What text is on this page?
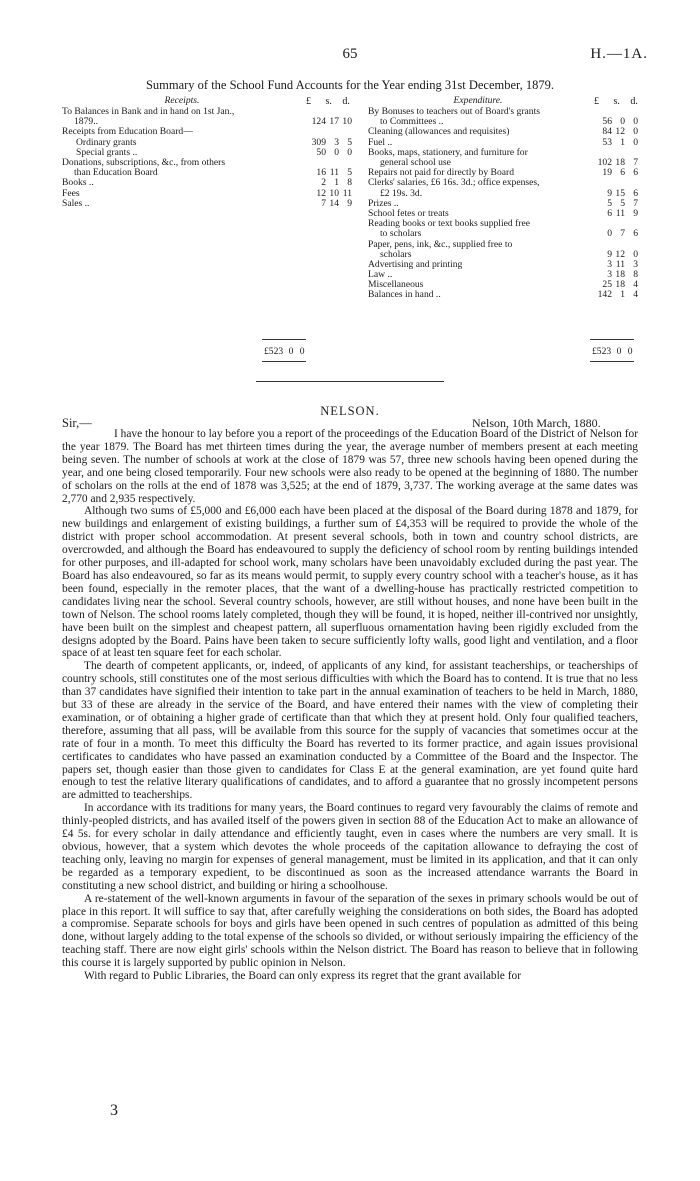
65	H.—1A.
Summary of the School Fund Accounts for the Year ending 31st December, 1879.
£ s. d.	£ s. d.
Receipts.
To Balances in Bank and in hand on 1st Jan.,
1879..	124 17 10
Receipts from Education Board—
Ordinary grants	309 3 5
Special grants ..	50 0 0
Donations, subscriptions, &c., from others
than Education Board	16 11 5
Books ..	2 1 8
Fees	12 10 11
Sales ..	7 14 9
Expenditure.
By Bonuses to teachers out of Board's grants
to Committees ..	56 0 0
Cleaning (allowances and requisites)	84 12 0
Fuel ..	53 1 0
Books, maps, stationery, and furniture for
general school use	102 18 7
Repairs not paid for directly by Board	19 6 6
Clerks' salaries, £6 16s. 3d.; office expenses,
£2 19s. 3d.	9 15 6
Prizes ..	5 5 7
School fetes or treats	6 11 9
Reading books or text books supplied free
to scholars	0 7 6
Paper, pens, ink, &c., supplied free to
scholars	9 12 0
Advertising and printing	3 11 3
Law ..	3 18 8
Miscellaneous	25 18 4
Balances in hand ..	142 1 4
£523 0 0	£523 0 0
NELSON.
Sir,—	Nelson, 10th March, 1880.

I have the honour to lay before you a report of the proceedings of the Education Board of the District of Nelson for the year 1879. The Board has met thirteen times during the year, the average number of members present at each meeting being seven. The number of schools at work at the close of 1879 was 57, three new schools having been opened during the year, and one being closed temporarily. Four new schools were also ready to be opened at the beginning of 1880. The number of scholars on the rolls at the end of 1878 was 3,525; at the end of 1879, 3,737. The working average at the same dates was 2,770 and 2,935 respectively.

Although two sums of £5,000 and £6,000 each have been placed at the disposal of the Board during 1878 and 1879, for new buildings and enlargement of existing buildings, a further sum of £4,353 will be required to provide the whole of the district with proper school accommodation. At present several schools, both in town and country school districts, are overcrowded, and although the Board has endeavoured to supply the deficiency of school room by renting buildings intended for other purposes, and ill-adapted for school work, many scholars have been unavoidably excluded during the past year. The Board has also endeavoured, so far as its means would permit, to supply every country school with a teacher's house, as it has been found, especially in the remoter places, that the want of a dwelling-house has practically restricted competition to candidates living near the school. Several country schools, however, are still without houses, and none have been built in the town of Nelson. The school rooms lately completed, though they will be found, it is hoped, neither ill-contrived nor unsightly, have been built on the simplest and cheapest pattern, all superfluous ornamentation having been rigidly excluded from the designs adopted by the Board. Pains have been taken to secure sufficiently lofty walls, good light and ventilation, and a floor space of at least ten square feet for each scholar.

The dearth of competent applicants, or, indeed, of applicants of any kind, for assistant teacherships, or teacherships of country schools, still constitutes one of the most serious difficulties with which the Board has to contend. It is true that no less than 37 candidates have signified their intention to take part in the annual examination of teachers to be held in March, 1880, but 33 of these are already in the service of the Board, and have entered their names with the view of completing their examination, or of obtaining a higher grade of certificate than that which they at present hold. Only four qualified teachers, therefore, assuming that all pass, will be available from this source for the supply of vacancies that sometimes occur at the rate of four in a month. To meet this difficulty the Board has reverted to its former practice, and again issues provisional certificates to candidates who have passed an examination conducted by a Committee of the Board and the Inspector. The papers set, though easier than those given to candidates for Class E at the general examination, are yet found quite hard enough to test the relative literary qualifications of candidates, and to afford a guarantee that no grossly incompetent persons are admitted to teacherships.

In accordance with its traditions for many years, the Board continues to regard very favourably the claims of remote and thinly-peopled districts, and has availed itself of the powers given in section 88 of the Education Act to make an allowance of £4 5s. for every scholar in daily attendance and efficiently taught, even in cases where the numbers are very small. It is obvious, however, that a system which devotes the whole proceeds of the capitation allowance to defraying the cost of teaching only, leaving no margin for expenses of general management, must be limited in its application, and that it can only be regarded as a temporary expedient, to be discontinued as soon as the increased attendance warrants the Board in constituting a new school district, and building or hiring a schoolhouse.

A re-statement of the well-known arguments in favour of the separation of the sexes in primary schools would be out of place in this report. It will suffice to say that, after carefully weighing the considerations on both sides, the Board has adopted a compromise. Separate schools for boys and girls have been opened in such centres of population as admitted of this being done, without largely adding to the total expense of the schools so divided, or without seriously impairing the efficiency of the teaching staff. There are now eight girls' schools within the Nelson district. The Board has reason to believe that in following this course it is largely supported by public opinion in Nelson.

With regard to Public Libraries, the Board can only express its regret that the grant available for

3
